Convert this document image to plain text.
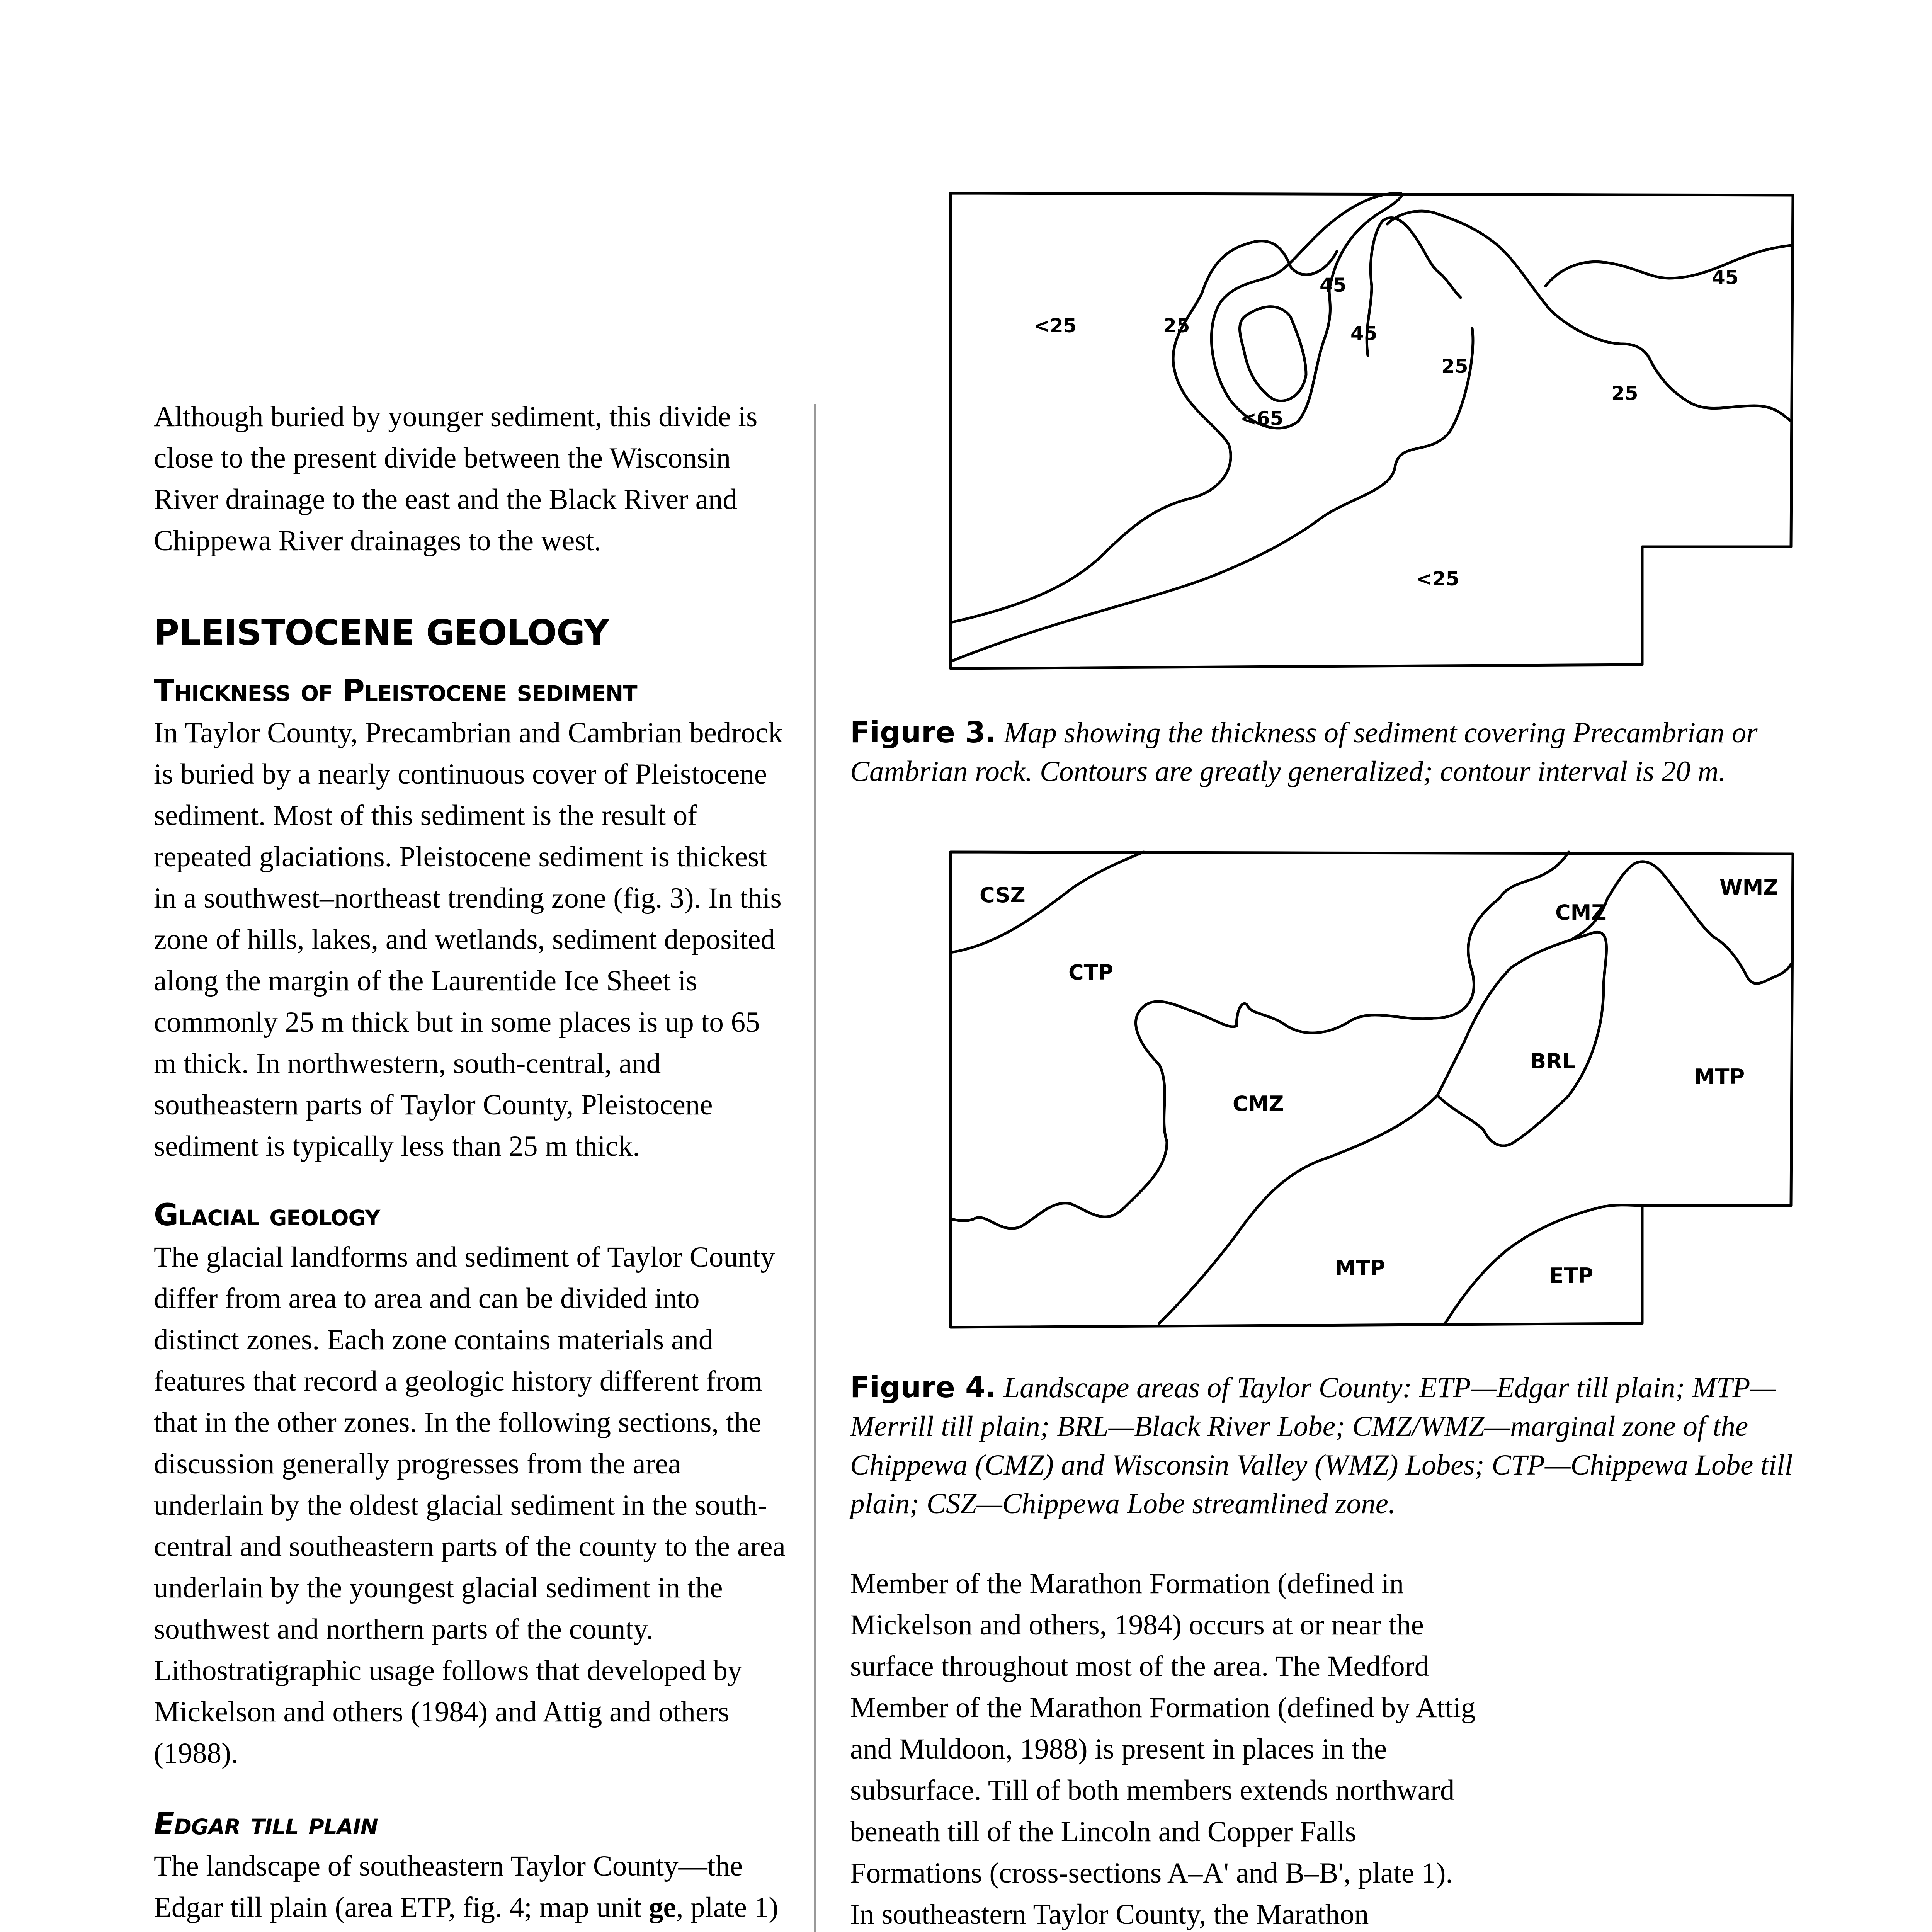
Although buried by younger sediment, this divide is close to the present divide between the Wisconsin River drainage to the east and the Black River and Chippewa River drainages to the west.

PLEISTOCENE GEOLOGY
Thickness of Pleistocene sediment

In Taylor County, Precambrian and Cambrian bedrock is buried by a nearly continuous cover of Pleistocene sediment. Most of this sediment is the result of repeated glaciations. Pleistocene sediment is thickest in a southwest–northeast trending zone (fig. 3). In this zone of hills, lakes, and wetlands, sediment deposited along the margin of the Laurentide Ice Sheet is commonly 25 m thick but in some places is up to 65 m thick. In northwestern, south-central, and southeastern parts of Taylor County, Pleistocene sediment is typically less than 25 m thick.

Glacial geology

The glacial landforms and sediment of Taylor County differ from area to area and can be divided into distinct zones. Each zone contains materials and features that record a geologic history different from that in the other zones. In the following sections, the discussion generally progresses from the area underlain by the oldest glacial sediment in the south-central and southeastern parts of the county to the area underlain by the youngest glacial sediment in the southwest and northern parts of the county. Lithostratigraphic usage follows that developed by Mickelson and others (1984) and Attig and others (1988).

Edgar till plain

The landscape of southeastern Taylor County—the Edgar till plain (area ETP, fig. 4; map unit ge, plate 1)

<25	25
45
45
<65
25
25
45
<25
Figure 3. Map showing the thickness of sediment covering Precambrian or Cambrian rock. Contours are greatly generalized; contour interval is 20 m.
CSZ
CTP
CMZ
WMZ
BRL
MTP
CMZ
MTP	ETP
Figure 4. Landscape areas of Taylor County: ETP—Edgar till plain; MTP—Merrill till plain; BRL—Black River Lobe; CMZ/WMZ—marginal zone of the Chippewa (CMZ) and Wisconsin Valley (WMZ) Lobes; CTP—Chippewa Lobe till plain; CSZ—Chippewa Lobe streamlined zone.

Member of the Marathon Formation (defined in Mickelson and others, 1984) occurs at or near the surface throughout most of the area. The Medford Member of the Marathon Formation (defined by Attig and Muldoon, 1988) is present in places in the subsurface. Till of both members extends northward beneath till of the Lincoln and Copper Falls Formations (cross-sections A–A' and B–B', plate 1). In southeastern Taylor County, the Marathon
